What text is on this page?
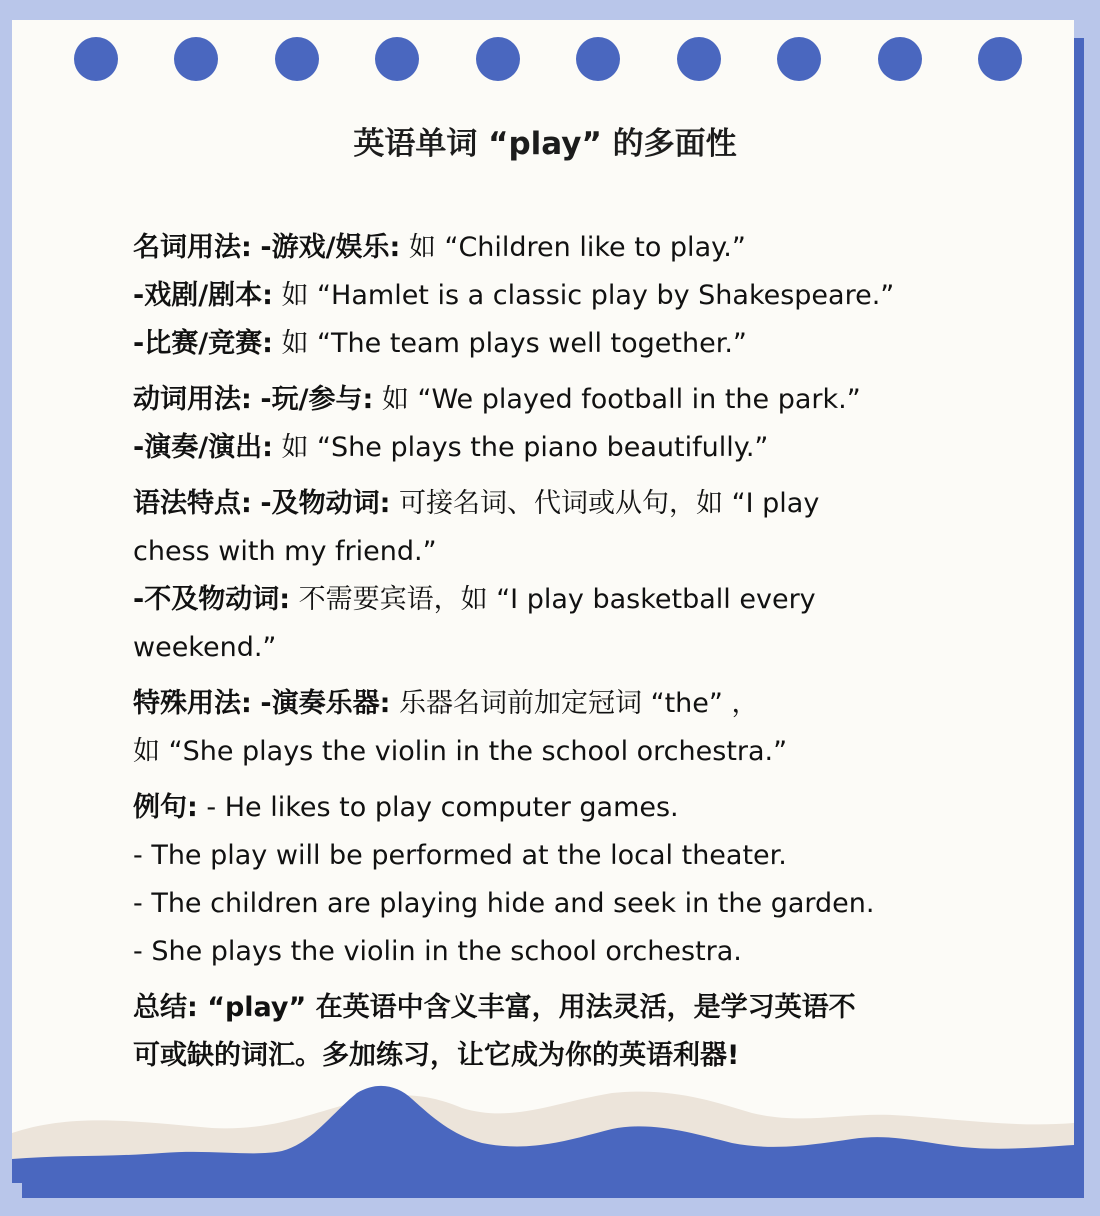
英语单词 “play” 的多面性
名词用法: -游戏/娱乐: 如 “Children like to play.”
-戏剧/剧本: 如 “Hamlet is a classic play by Shakespeare.”
-比赛/竞赛: 如 “The team plays well together.”
动词用法: -玩/参与: 如 “We played football in the park.”
-演奏/演出: 如 “She plays the piano beautifully.”
语法特点: -及物动词: 可接名词、代词或从句，如 “I play
chess with my friend.”
-不及物动词: 不需要宾语，如 “I play basketball every
weekend.”
特殊用法: -演奏乐器: 乐器名词前加定冠词 “the” ，
如 “She plays the violin in the school orchestra.”
例句: - He likes to play computer games.
- The play will be performed at the local theater.
- The children are playing hide and seek in the garden.
- She plays the violin in the school orchestra.
总结: “play” 在英语中含义丰富，用法灵活，是学习英语不
可或缺的词汇。多加练习，让它成为你的英语利器!
